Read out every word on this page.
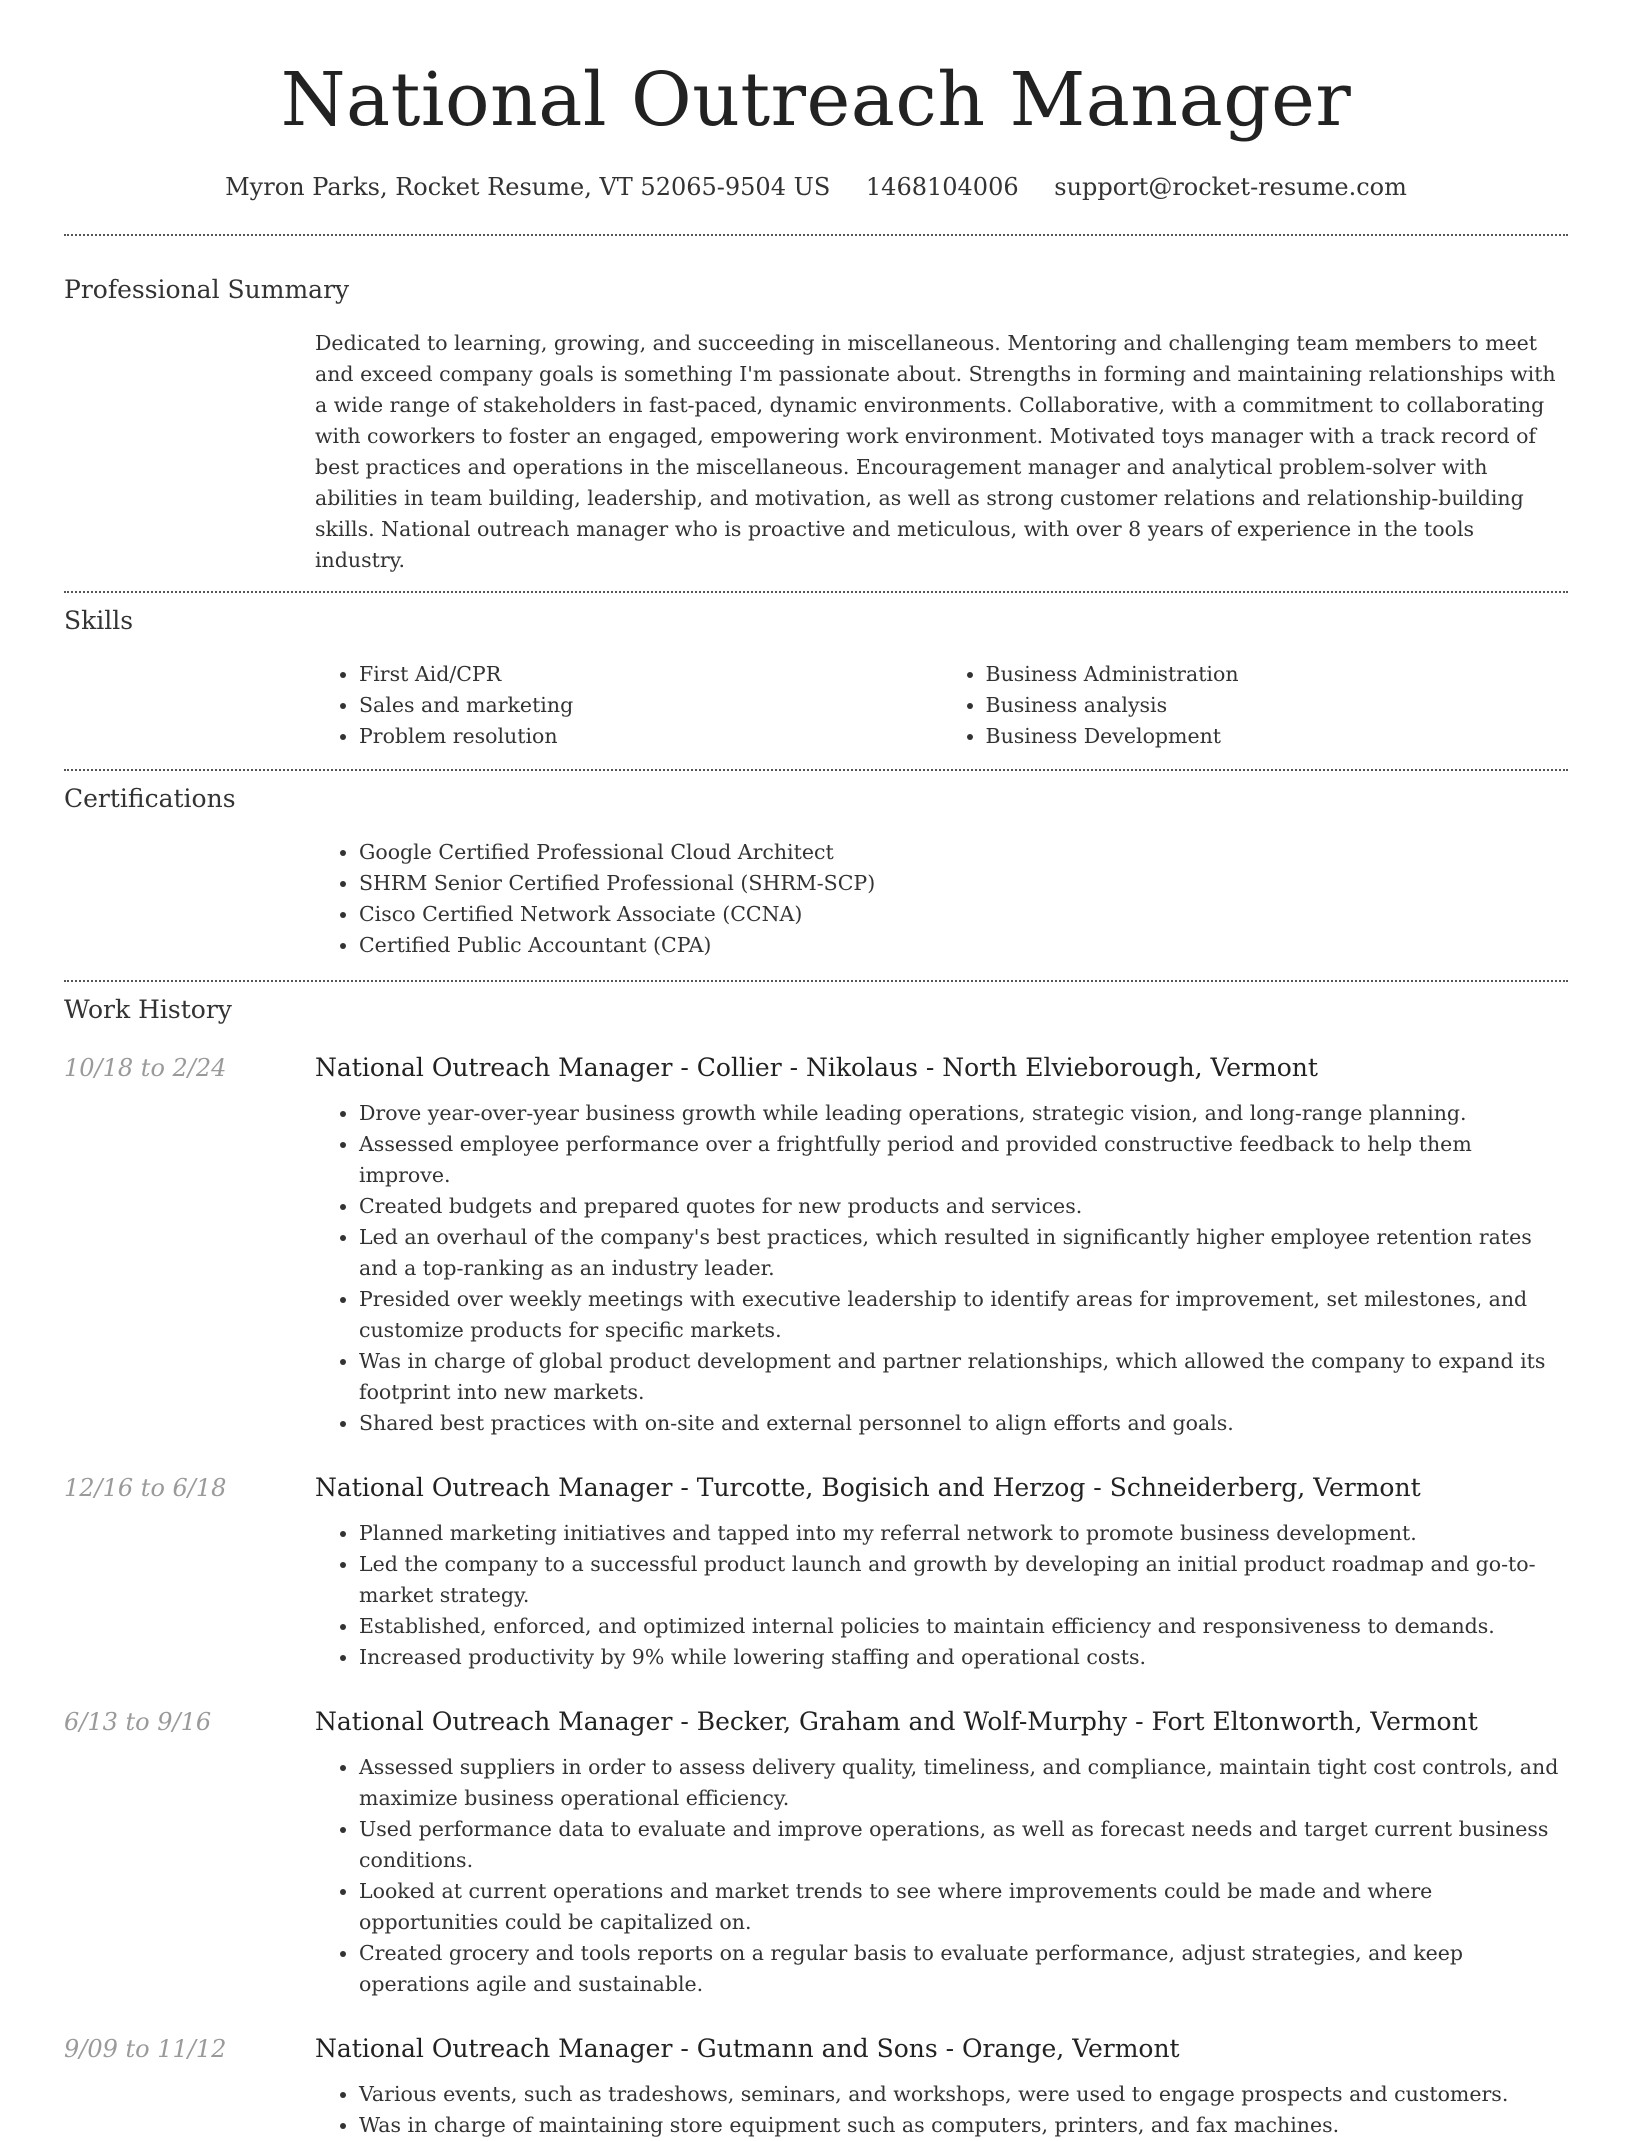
National Outreach Manager
Myron Parks, Rocket Resume, VT 52065-9504 US 1468104006 support@rocket-resume.com
Professional Summary

Dedicated to learning, growing, and succeeding in miscellaneous. Mentoring and challenging team members to meet and exceed company goals is something I'm passionate about. Strengths in forming and maintaining relationships with a wide range of stakeholders in fast-paced, dynamic environments. Collaborative, with a commitment to collaborating with coworkers to foster an engaged, empowering work environment. Motivated toys manager with a track record of best practices and operations in the miscellaneous. Encouragement manager and analytical problem-solver with abilities in team building, leadership, and motivation, as well as strong customer relations and relationship-building skills. National outreach manager who is proactive and meticulous, with over 8 years of experience in the tools industry.

Skills
• First Aid/CPR
• Sales and marketing
• Problem resolution
• Business Administration
• Business analysis
• Business Development
Certifications
• Google Certified Professional Cloud Architect
• SHRM Senior Certified Professional (SHRM-SCP)
• Cisco Certified Network Associate (CCNA)
• Certified Public Accountant (CPA)
Work History
10/18 to 2/24	National Outreach Manager - Collier - Nikolaus - North Elvieborough, Vermont
• Drove year-over-year business growth while leading operations, strategic vision, and long-range planning.
• Assessed employee performance over a frightfully period and provided constructive feedback to help them improve.
• Created budgets and prepared quotes for new products and services.
• Led an overhaul of the company's best practices, which resulted in significantly higher employee retention rates and a top-ranking as an industry leader.
• Presided over weekly meetings with executive leadership to identify areas for improvement, set milestones, and customize products for specific markets.
• Was in charge of global product development and partner relationships, which allowed the company to expand its footprint into new markets.
• Shared best practices with on-site and external personnel to align efforts and goals.
12/16 to 6/18	National Outreach Manager - Turcotte, Bogisich and Herzog - Schneiderberg, Vermont
• Planned marketing initiatives and tapped into my referral network to promote business development.
• Led the company to a successful product launch and growth by developing an initial product roadmap and go-to-market strategy.
• Established, enforced, and optimized internal policies to maintain efficiency and responsiveness to demands.
• Increased productivity by 9% while lowering staffing and operational costs.
6/13 to 9/16	National Outreach Manager - Becker, Graham and Wolf-Murphy - Fort Eltonworth, Vermont
• Assessed suppliers in order to assess delivery quality, timeliness, and compliance, maintain tight cost controls, and maximize business operational efficiency.
• Used performance data to evaluate and improve operations, as well as forecast needs and target current business conditions.
• Looked at current operations and market trends to see where improvements could be made and where opportunities could be capitalized on.
• Created grocery and tools reports on a regular basis to evaluate performance, adjust strategies, and keep operations agile and sustainable.
9/09 to 11/12	National Outreach Manager - Gutmann and Sons - Orange, Vermont
• Various events, such as tradeshows, seminars, and workshops, were used to engage prospects and customers.
• Was in charge of maintaining store equipment such as computers, printers, and fax machines.
